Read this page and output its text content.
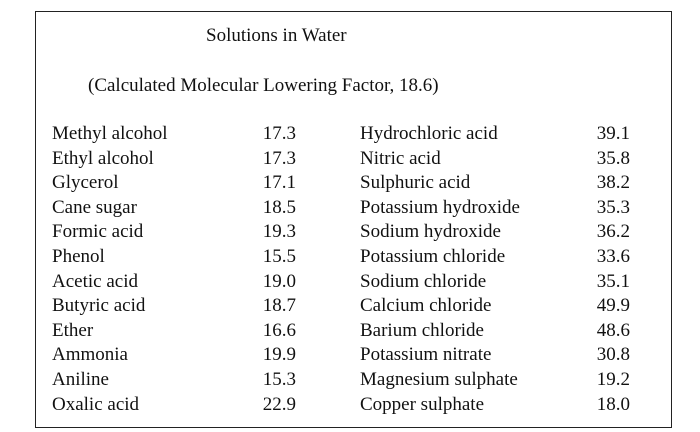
Solutions in Water
(Calculated Molecular Lowering Factor, 18.6)
Methyl alcohol	17.3
Ethyl alcohol	17.3
Glycerol	17.1
Cane sugar	18.5
Formic acid	19.3
Phenol	15.5
Acetic acid	19.0
Butyric acid	18.7
Ether	16.6
Ammonia	19.9
Aniline	15.3
Oxalic acid	22.9
Hydrochloric acid	39.1
Nitric acid	35.8
Sulphuric acid	38.2
Potassium hydroxide	35.3
Sodium hydroxide	36.2
Potassium chloride	33.6
Sodium chloride	35.1
Calcium chloride	49.9
Barium chloride	48.6
Potassium nitrate	30.8
Magnesium sulphate	19.2
Copper sulphate	18.0
